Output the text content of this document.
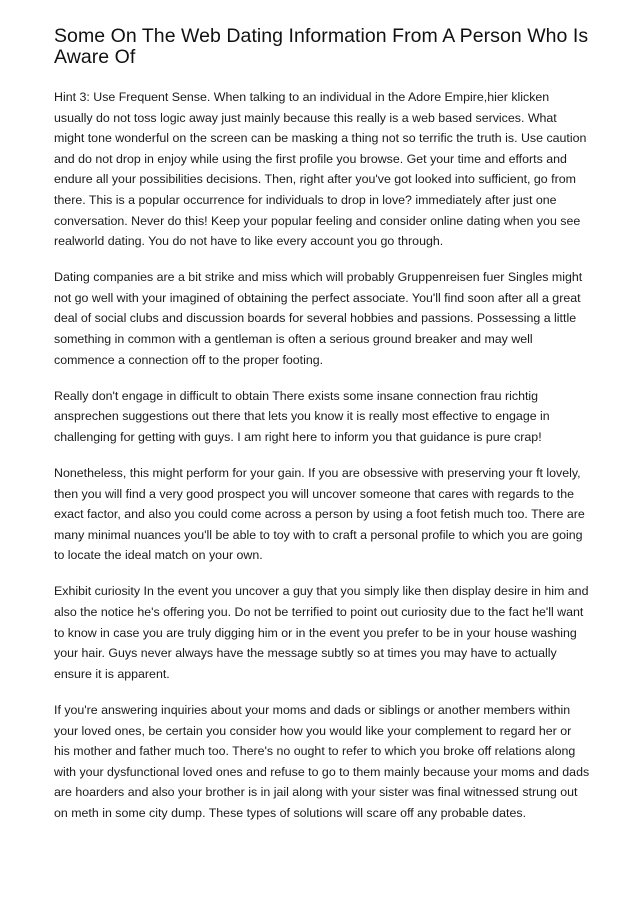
Some On The Web Dating Information From A Person Who Is Aware Of

Hint 3: Use Frequent Sense. When talking to an individual in the Adore Empire,hier klicken usually do not toss logic away just mainly because this really is a web based services. What might tone wonderful on the screen can be masking a thing not so terrific the truth is. Use caution and do not drop in enjoy while using the first profile you browse. Get your time and efforts and endure all your possibilities decisions. Then, right after you've got looked into sufficient, go from there. This is a popular occurrence for individuals to drop in love? immediately after just one conversation. Never do this! Keep your popular feeling and consider online dating when you see realworld dating. You do not have to like every account you go through.

Dating companies are a bit strike and miss which will probably Gruppenreisen fuer Singles might not go well with your imagined of obtaining the perfect associate. You'll find soon after all a great deal of social clubs and discussion boards for several hobbies and passions. Possessing a little something in common with a gentleman is often a serious ground breaker and may well commence a connection off to the proper footing.

Really don't engage in difficult to obtain There exists some insane connection frau richtig ansprechen suggestions out there that lets you know it is really most effective to engage in challenging for getting with guys. I am right here to inform you that guidance is pure crap!

Nonetheless, this might perform for your gain. If you are obsessive with preserving your ft lovely, then you will find a very good prospect you will uncover someone that cares with regards to the exact factor, and also you could come across a person by using a foot fetish much too. There are many minimal nuances you'll be able to toy with to craft a personal profile to which you are going to locate the ideal match on your own.

Exhibit curiosity In the event you uncover a guy that you simply like then display desire in him and also the notice he's offering you. Do not be terrified to point out curiosity due to the fact he'll want to know in case you are truly digging him or in the event you prefer to be in your house washing your hair. Guys never always have the message subtly so at times you may have to actually ensure it is apparent.

If you're answering inquiries about your moms and dads or siblings or another members within your loved ones, be certain you consider how you would like your complement to regard her or his mother and father much too. There's no ought to refer to which you broke off relations along with your dysfunctional loved ones and refuse to go to them mainly because your moms and dads are hoarders and also your brother is in jail along with your sister was final witnessed strung out on meth in some city dump. These types of solutions will scare off any probable dates.
